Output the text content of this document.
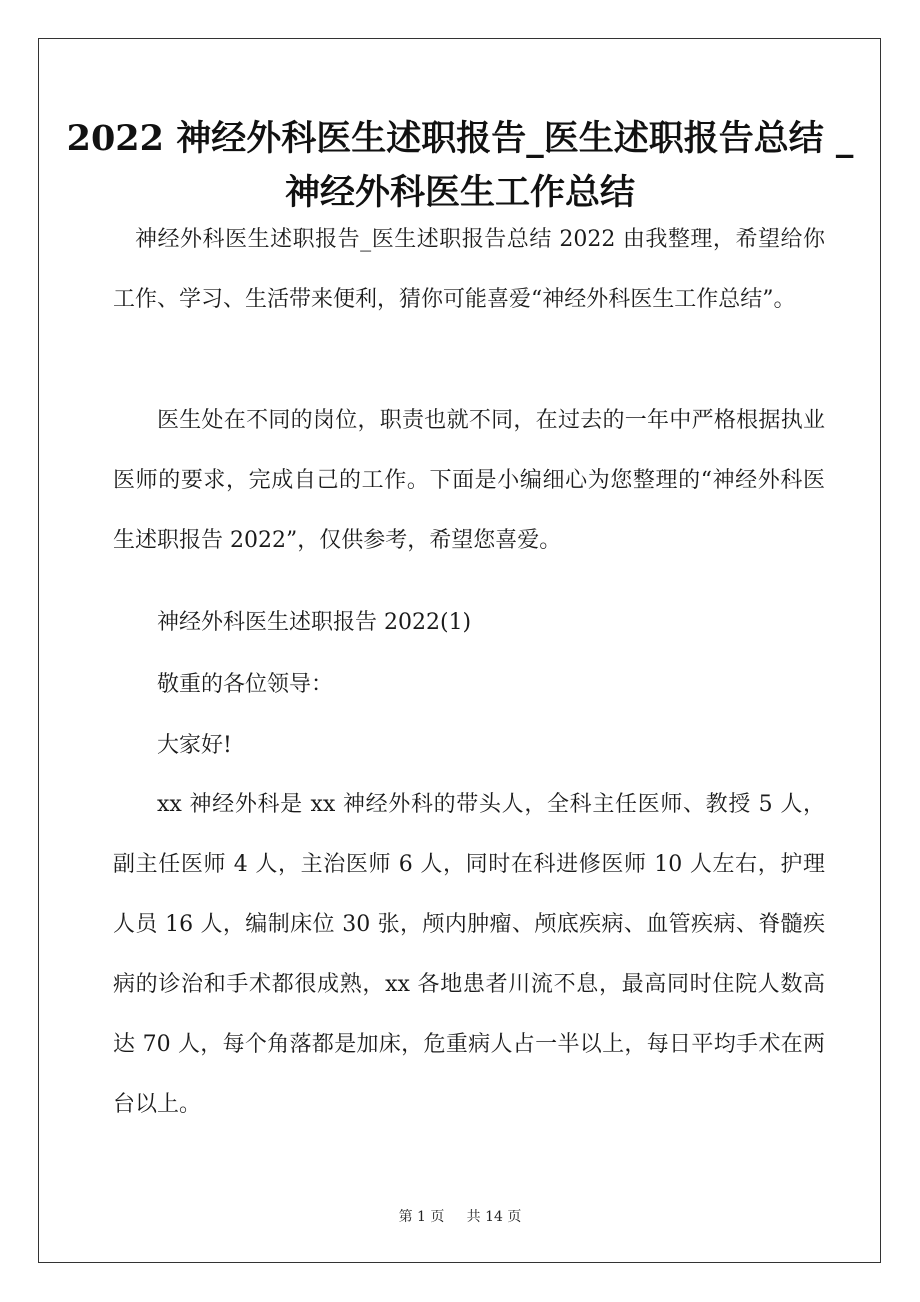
2022 神经外科医生述职报告_医生述职报告总结 _神经外科医生工作总结

神经外科医生述职报告_医生述职报告总结 2022 由我整理，希望给你工作、学习、生活带来便利，猜你可能喜爱“神经外科医生工作总结”。

医生处在不同的岗位，职责也就不同，在过去的一年中严格根据执业医师的要求，完成自己的工作。下面是小编细心为您整理的“神经外科医生述职报告 2022”，仅供参考，希望您喜爱。

神经外科医生述职报告 2022(1)

敬重的各位领导：

大家好!

xx 神经外科是 xx 神经外科的带头人，全科主任医师、教授 5 人，副主任医师 4 人，主治医师 6 人，同时在科进修医师 10 人左右，护理人员 16 人，编制床位 30 张，颅内肿瘤、颅底疾病、血管疾病、脊髓疾病的诊治和手术都很成熟，xx 各地患者川流不息，最高同时住院人数高达 70 人，每个角落都是加床，危重病人占一半以上，每日平均手术在两台以上。

第 1 页 共 14 页
